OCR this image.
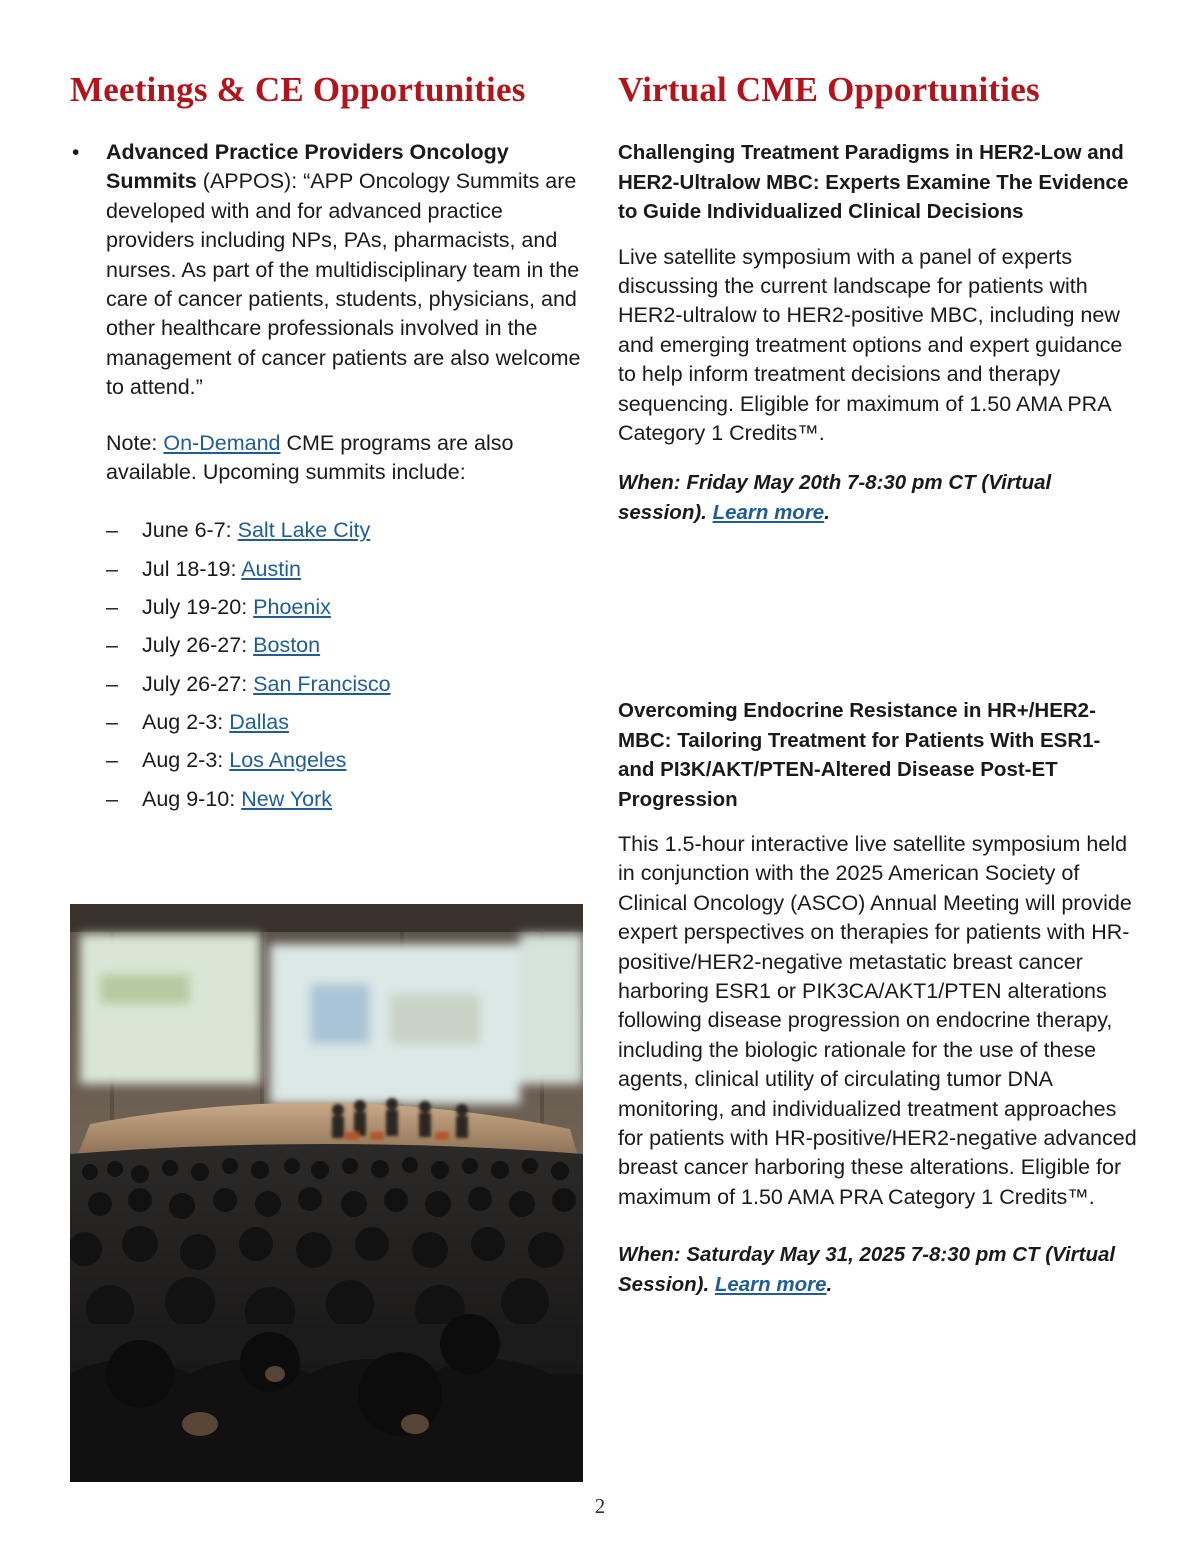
Meetings & CE Opportunities
• Advanced Practice Providers Oncology Summits (APPOS): “APP Oncology Summits are developed with and for advanced practice providers including NPs, PAs, pharmacists, and nurses. As part of the multidisciplinary team in the care of cancer patients, students, physicians, and other healthcare professionals involved in the management of cancer patients are also welcome to attend.”
Note: On-Demand CME programs are also available. Upcoming summits include:
– June 6-7: Salt Lake City
– Jul 18-19: Austin
– July 19-20: Phoenix
– July 26-27: Boston
– July 26-27: San Francisco
– Aug 2-3: Dallas
– Aug 2-3: Los Angeles
– Aug 9-10: New York
Virtual CME Opportunities

Challenging Treatment Paradigms in HER2-Low and HER2-Ultralow MBC: Experts Examine The Evidence to Guide Individualized Clinical Decisions

Live satellite symposium with a panel of experts discussing the current landscape for patients with HER2-ultralow to HER2-positive MBC, including new and emerging treatment options and expert guidance to help inform treatment decisions and therapy sequencing. Eligible for maximum of 1.50 AMA PRA Category 1 Credits™.

When: Friday May 20th 7-8:30 pm CT (Virtual session). Learn more.

Overcoming Endocrine Resistance in HR+/HER2- MBC: Tailoring Treatment for Patients With ESR1- and PI3K/AKT/PTEN-Altered Disease Post-ET Progression

This 1.5-hour interactive live satellite symposium held in conjunction with the 2025 American Society of Clinical Oncology (ASCO) Annual Meeting will provide expert perspectives on therapies for patients with HR-positive/HER2-negative metastatic breast cancer harboring ESR1 or PIK3CA/AKT1/PTEN alterations following disease progression on endocrine therapy, including the biologic rationale for the use of these agents, clinical utility of circulating tumor DNA monitoring, and individualized treatment approaches for patients with HR-positive/HER2-negative advanced breast cancer harboring these alterations. Eligible for maximum of 1.50 AMA PRA Category 1 Credits™.

When: Saturday May 31, 2025 7-8:30 pm CT (Virtual Session). Learn more.

2
